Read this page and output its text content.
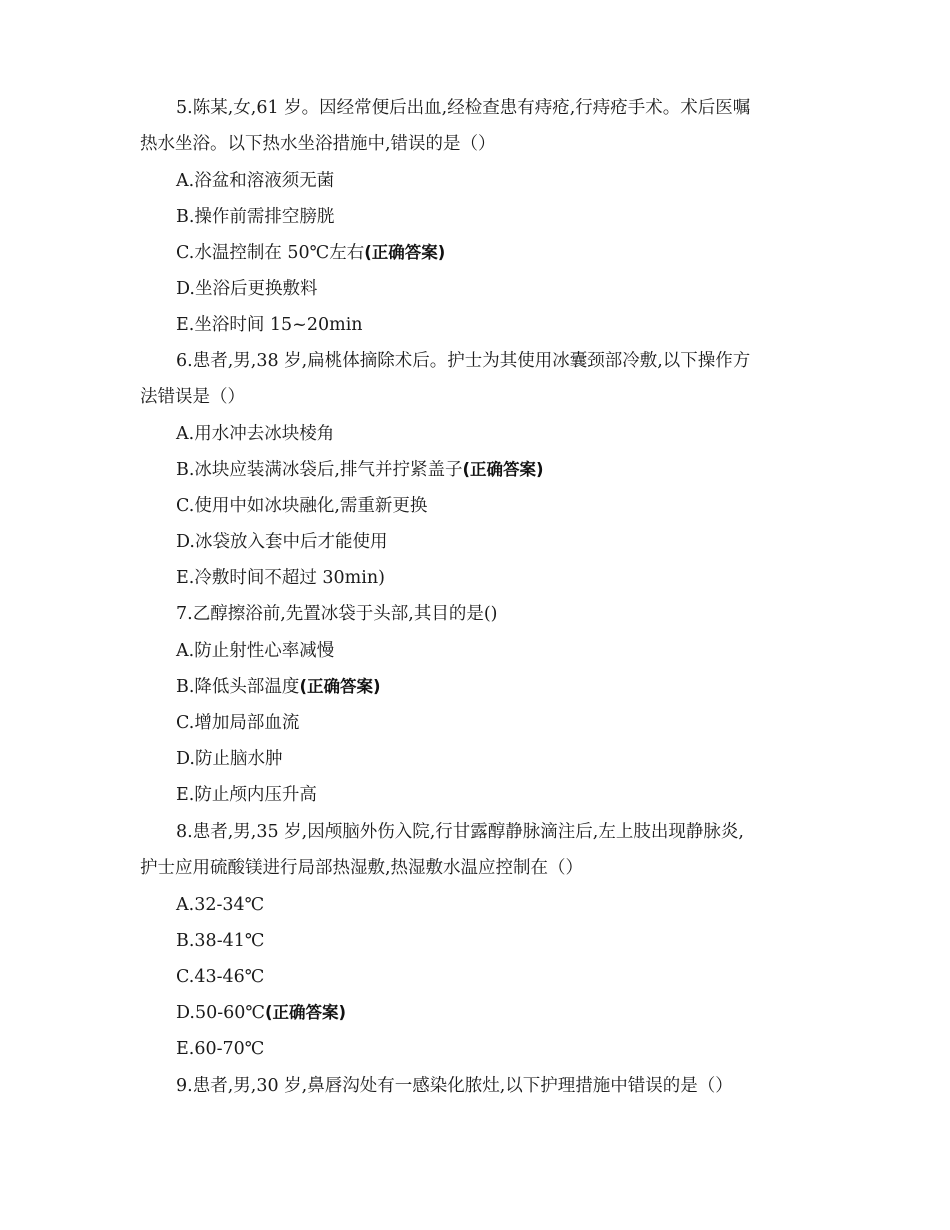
5.陈某,女,61 岁。因经常便后出血,经检查患有痔疮,行痔疮手术。术后医嘱
热水坐浴。以下热水坐浴措施中,错误的是（）
A.浴盆和溶液须无菌
B.操作前需排空膀胱
C.水温控制在 50℃左右(正确答案)
D.坐浴后更换敷料
E.坐浴时间 15~20min
6.患者,男,38 岁,扁桃体摘除术后。护士为其使用冰囊颈部冷敷,以下操作方
法错误是（）
A.用水冲去冰块棱角
B.冰块应装满冰袋后,排气并拧紧盖子(正确答案)
C.使用中如冰块融化,需重新更换
D.冰袋放入套中后才能使用
E.冷敷时间不超过 30min)
7.乙醇擦浴前,先置冰袋于头部,其目的是()
A.防止射性心率减慢
B.降低头部温度(正确答案)
C.增加局部血流
D.防止脑水肿
E.防止颅内压升高
8.患者,男,35 岁,因颅脑外伤入院,行甘露醇静脉滴注后,左上肢出现静脉炎,
护士应用硫酸镁进行局部热湿敷,热湿敷水温应控制在（）
A.32-34℃
B.38-41℃
C.43-46℃
D.50-60℃(正确答案)
E.60-70℃
9.患者,男,30 岁,鼻唇沟处有一感染化脓灶,以下护理措施中错误的是（）
